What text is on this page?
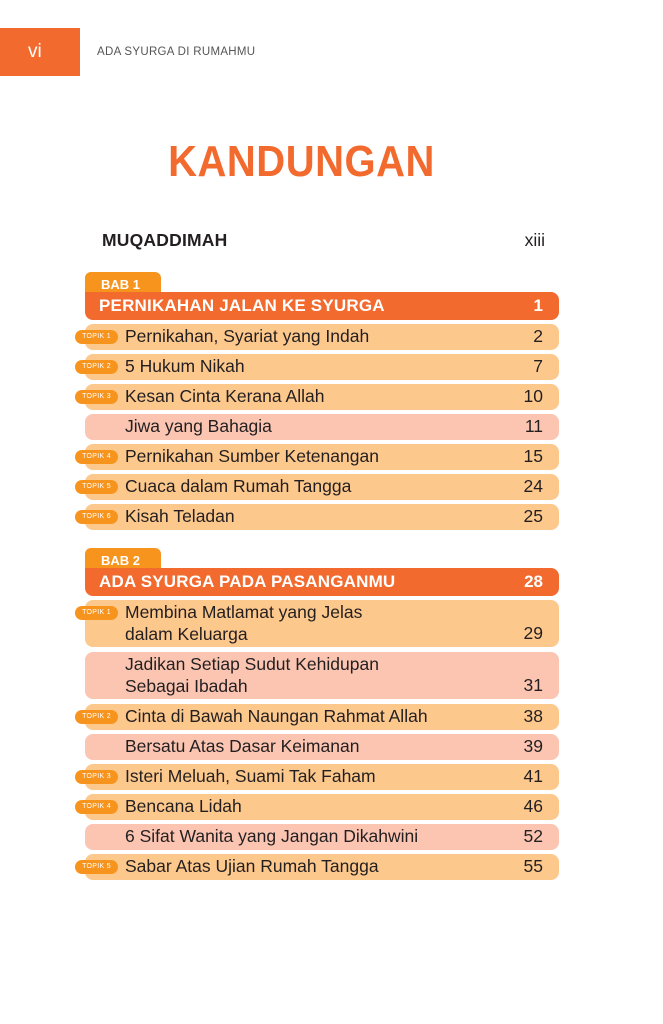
vi	ADA SYURGA DI RUMAHMU
KANDUNGAN
MUQADDIMAH	xiii
BAB 1
PERNIKAHAN JALAN KE SYURGA	1
Pernikahan, Syariat yang Indah	2
TOPIK 1
5 Hukum Nikah	7
TOPIK 2
Kesan Cinta Kerana Allah	10
TOPIK 3
Jiwa yang Bahagia	11
Pernikahan Sumber Ketenangan	15
TOPIK 4
Cuaca dalam Rumah Tangga	24
TOPIK 5
Kisah Teladan	25
TOPIK 6
BAB 2
ADA SYURGA PADA PASANGANMU	28
Membina Matlamat yang Jelas
dalam Keluarga	29
TOPIK 1
Jadikan Setiap Sudut Kehidupan
Sebagai Ibadah	31
Cinta di Bawah Naungan Rahmat Allah	38
TOPIK 2
Bersatu Atas Dasar Keimanan	39
Isteri Meluah, Suami Tak Faham	41
TOPIK 3
Bencana Lidah	46
TOPIK 4
6 Sifat Wanita yang Jangan Dikahwini	52
Sabar Atas Ujian Rumah Tangga	55
TOPIK 5
